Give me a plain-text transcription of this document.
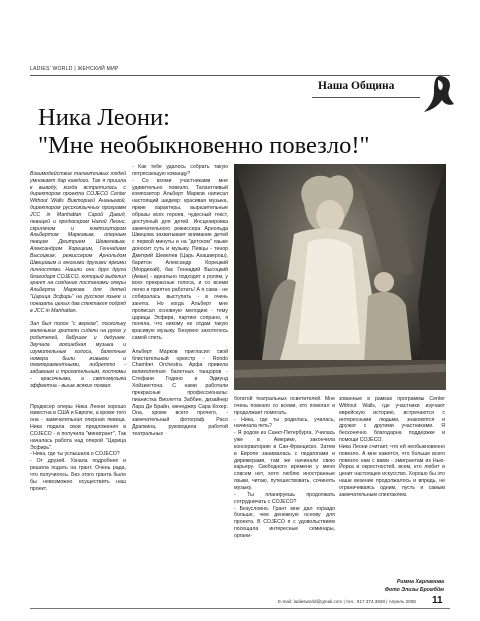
LADIES' WORLD | ЖЕНСКИЙ МИР
Наша Община
Ника Леони:
"Мне необыкновенно повезло!"

Взаимодействие талантливых людей умножает дар каждого. Так я пришла к выводу, когда встретилась с директором проекта COJECO Center Without Walls Викторией Ананьевой, директором русскоязычных программ JCC in Manhattan Сарой Давид, певицей и продюсером Никой Леони, скрипачом и композитором Альбертом Марковым, оперным певцом Дмитрием Шевелевым, Александром Корецким, Геннадием Высоцким, режиссером Арнольдом Швецовым и многими другими яркими личностями. Нашли они друг друга благодаря COJECO, который выделил грант на создание постановки оперы Альберта Маркова для детей "Царица Эсфирь" на русском языке и показать целых два спектакля подряд в JCC in Manhattan.

Зал был полон "с верхом", поскольку маленькие зрители сидели на руках у родителей, бабушек и дедушек. Звучала волшебная музыка и изумительные голоса, балетные номера были живыми и темпераментными, либретто - забавным и трогательным, костюмы - красочными, а светомузыка эффектна - выше всяких похвал.

Продюсер оперы Ника Леони хорошо известна в США и Европе, а кроме того она - замечательная оперная певица. Ника подала свои предложения в COJECO - и получила "минигрант". Так началась работа над оперой "Царица Эсфирь".
- Ника, где ты услышала о COJECO?
- От друзей. Узнала подробнее и решила подать на грант. Очень рада, что получилось. Без этого гранта было бы невозможно осуществить наш проект.

- Как тебе удалось собрать такую потрясающую команду?
- Со всеми участниками мне удивительно повезло. Талантливый композитор Альберт Марков написал настоящий шедевр: красивая музыка, яркие характеры, выразительные образы всех героев, чудесный текст, доступный для детей. Инсценировка замечательного режиссера Арнольда Швецова захватывает внимание детей с первой минуты и на "детском" языке доносит суть и музыку. Певцы - тенор Дмитрий Шевелев (Царь Ахашверош), баритон Александр Корецкий (Мордехай), бас Геннадий Высоцкий (Аман) - идеально подходят к ролям, у всех прекрасные голоса, и со всеми легко и приятно работать! А я сама - не собиралась выступать - в очень занята. Но когда Альберт мне прописал основную мелодию - тему царицы Эсфири, партию сопрано, я поняла, что никому не отдам такую красивую музыку. Безумно захотелось самой спеть.

Альберт Марков пригласил свой блистательный оркестр - Rondo Chamber Orchestra. Арфа привела великолепная балетных танцоров - Стефани Годино и Эдмунд Хойзингтона. С нами работали прекрасные профессионалы: пианистка Виолетта Заббин, дизайнер Лара Де Брайн, менеджер Сара Кохер. Она, кроме всего прочего, - замечательный фотограф. Расо Драпкина, руководила работой театральных
богатой театральных осветителей. Мне очень повезло со всеми, кто помогал и продолжает помогать.
- Ника, где ты родилась, училась, начинала петь?
- Я родом из Санкт-Петербурга. Училась уже в Америке, закончила консерваторию в Сан-Франциско. Затем в Европе занималась с педагогами и дирижерами, там же начинали свою карьеру. Свободного времени у меня совсем нет, хотя люблю иностранные языки, читаю, путешествовать, сочинять музыку.
- Ты планируешь продолжать сотрудничать с COJECO?
- Безусловно. Грант мне дал гораздо больше, чем денежную основу для проекта. В COJECO я с удовольствием посещала интересные семинары, органи-
зованные в рамках программы Center Without Walls, где участники изучают еврейскую историю, встречаются с интересными людьми, знакомятся и дружат с другими участниками. Я бесконечно благодарна поддержке и помощи COJECO.
Ника Леони считает, что ей необыкновенно повезло. А мне кажется, что больше всего повезло нам с вами - эмигрантам из Нью-Йорка и окрестностей, всем, кто любит и ценит настоящее искусство. Хорошо бы это наше везение продолжалось и впредь, не ограничиваясь одним, пусть и самым замечательным спектаклем.
Римма Харламова
Фото Элизы Бромбйм
E-mail: ladiesworld@gmail.com | тел.: 917.374.3828 | Апрель 2008	11
